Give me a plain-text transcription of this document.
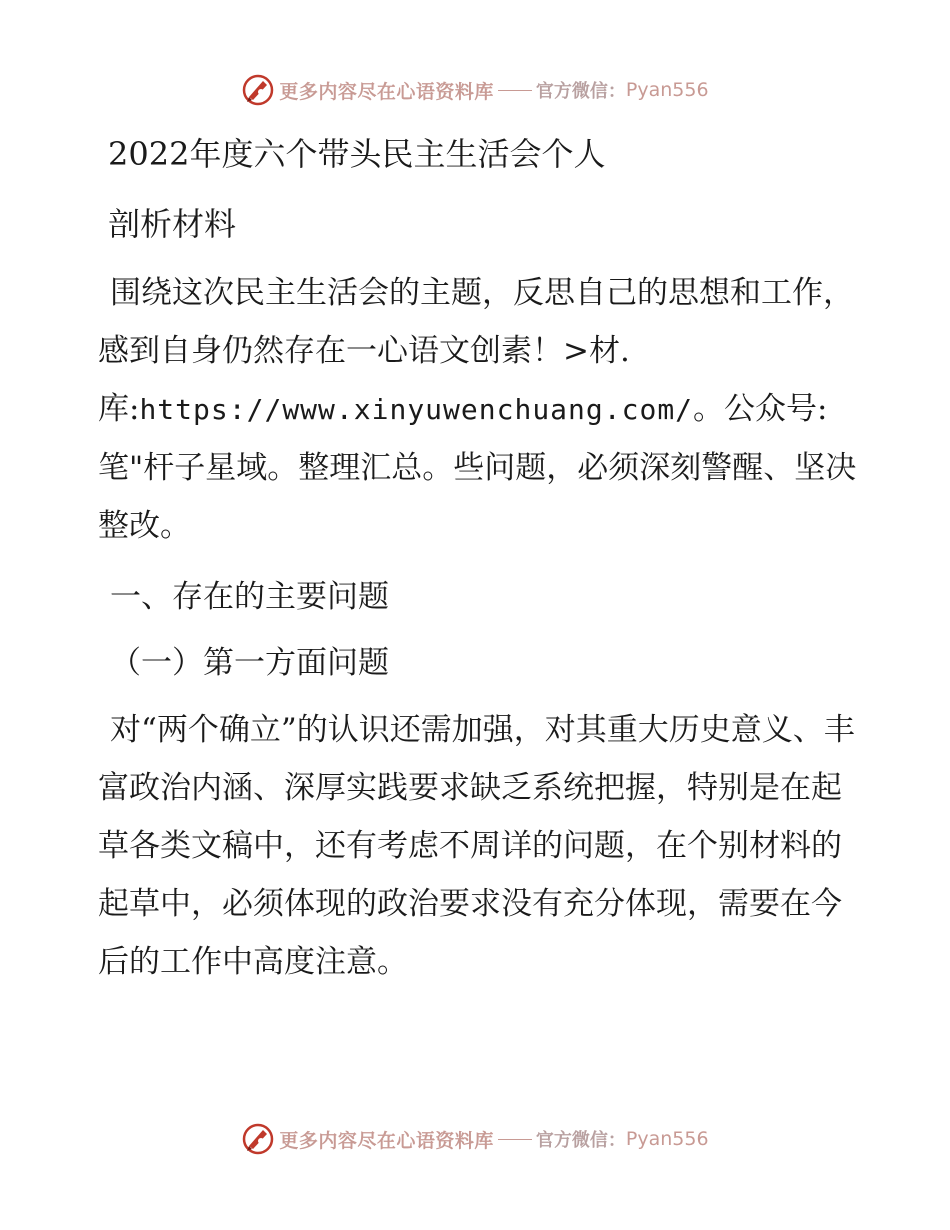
更多内容尽在心语资料库 官方微信： Pyan556
2022年度六个带头民主生活会个人
剖析材料

围绕这次民主生活会的主题，反思自己的思想和工作，感到自身仍然存在一心语文创素！>材.库:https://www.xinyuwenchuang.com/。公众号: 笔"杆子星域。整理汇总。些问题，必须深刻警醒、坚决整改。

一、存在的主要问题
（一）第一方面问题

对“两个确立”的认识还需加强，对其重大历史意义、丰富政治内涵、深厚实践要求缺乏系统把握，特别是在起草各类文稿中，还有考虑不周详的问题，在个别材料的起草中，必须体现的政治要求没有充分体现，需要在今后的工作中高度注意。

更多内容尽在心语资料库 官方微信： Pyan556
